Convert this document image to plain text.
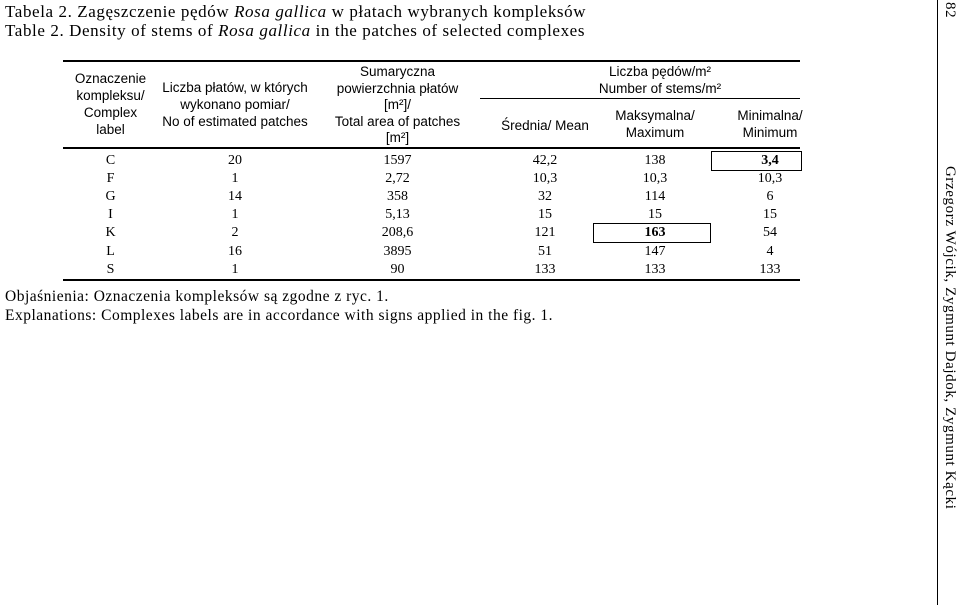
Tabela 2. Zagęszczenie pędów Rosa gallica w płatach wybranych kompleksów
Table 2. Density of stems of Rosa gallica in the patches of selected complexes
Oznaczenie
kompleksu/
Complex
label
Liczba płatów, w których
wykonano pomiar/
No of estimated patches
Sumaryczna
powierzchnia płatów
[m²]/
Total area of patches
[m²]
Liczba pędów/m²
Number of stems/m²
Średnia/ Mean
Maksymalna/
Maximum
Minimalna/
Minimum
C	20	1597	42,2	138	3,4
F	1	2,72	10,3	10,3	10,3
G	14	358	32	114	6
I	1	5,13	15	15	15
K	2	208,6	121	163	54
L	16	3895	51	147	4
S	1	90	133	133	133
Objaśnienia: Oznaczenia kompleksów są zgodne z ryc. 1.
Explanations: Complexes labels are in accordance with signs applied in the fig. 1.
82
Grzegorz Wójcik, Zygmunt Dajdok, Zygmunt Kącki
